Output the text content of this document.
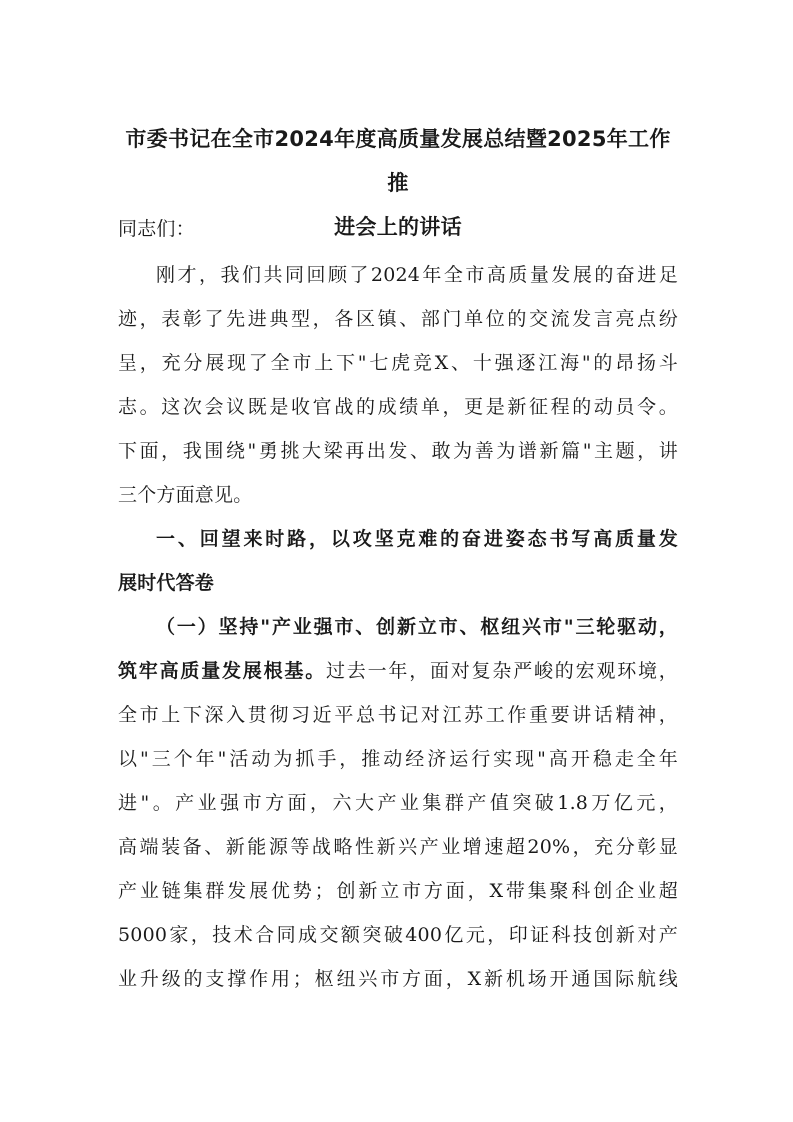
市委书记在全市2024年度高质量发展总结暨2025年工作推
进会上的讲话
同志们：
刚才，我们共同回顾了2024年全市高质量发展的奋进足
迹，表彰了先进典型，各区镇、部门单位的交流发言亮点纷
呈，充分展现了全市上下"七虎竞X、十强逐江海"的昂扬斗
志。这次会议既是收官战的成绩单，更是新征程的动员令。
下面，我围绕"勇挑大梁再出发、敢为善为谱新篇"主题，讲
三个方面意见。
一、回望来时路，以攻坚克难的奋进姿态书写高质量发
展时代答卷
（一）坚持"产业强市、创新立市、枢纽兴市"三轮驱动，
筑牢高质量发展根基。过去一年，面对复杂严峻的宏观环境，
全市上下深入贯彻习近平总书记对江苏工作重要讲话精神，
以"三个年"活动为抓手，推动经济运行实现"高开稳走全年
进"。产业强市方面，六大产业集群产值突破1.8万亿元，
高端装备、新能源等战略性新兴产业增速超20%，充分彰显
产业链集群发展优势；创新立市方面，X带集聚科创企业超
5000家，技术合同成交额突破400亿元，印证科技创新对产
业升级的支撑作用；枢纽兴市方面，X新机场开通国际航线
